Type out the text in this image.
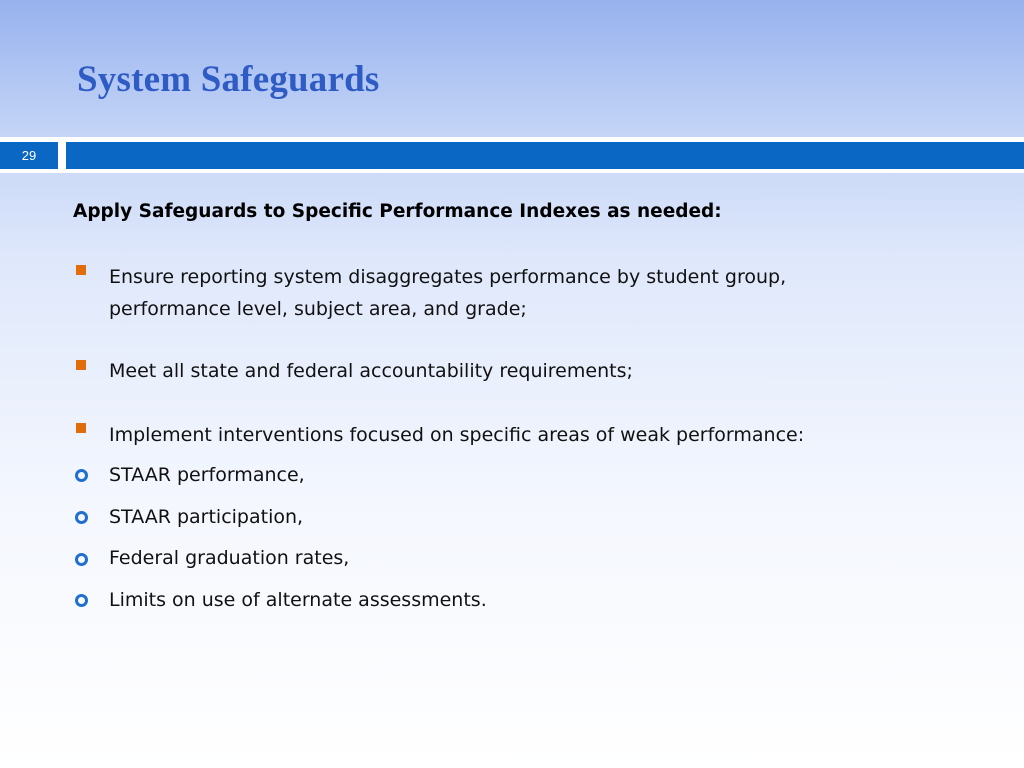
System Safeguards
29

Apply Safeguards to Specific Performance Indexes as needed:

Ensure reporting system disaggregates performance by student group,

performance level, subject area, and grade;

Meet all state and federal accountability requirements;

Implement interventions focused on specific areas of weak performance:

STAAR performance,

STAAR participation,

Federal graduation rates,

Limits on use of alternate assessments.
